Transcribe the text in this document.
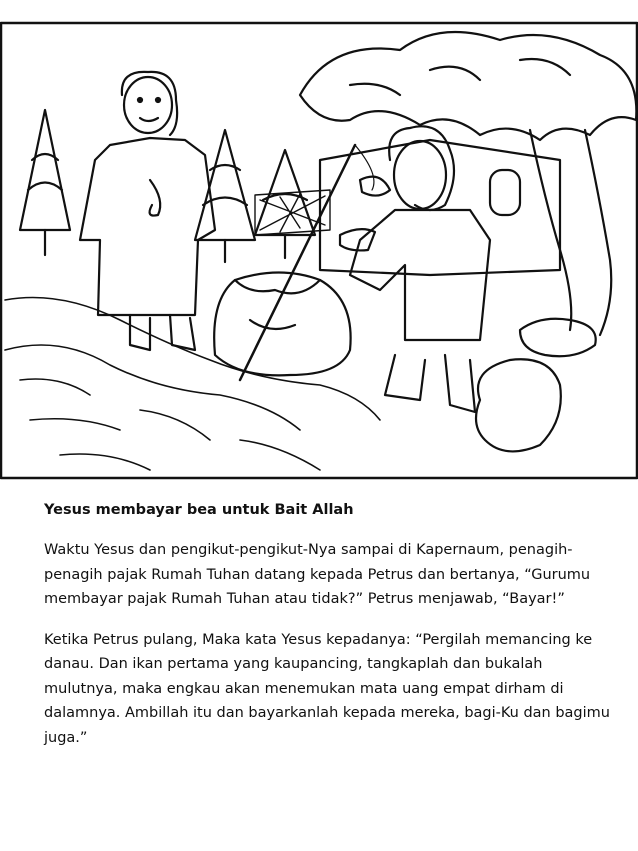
Yesus membayar bea untuk Bait Allah

Waktu Yesus dan pengikut-pengikut-Nya sampai di Kapernaum, penagih-penagih pajak Rumah Tuhan datang kepada Petrus dan bertanya, “Gurumu membayar pajak Rumah Tuhan atau tidak?” Petrus menjawab, “Bayar!”

Ketika Petrus pulang, Maka kata Yesus kepadanya: “Pergilah memancing ke danau. Dan ikan pertama yang kaupancing, tangkaplah dan bukalah mulutnya, maka engkau akan menemukan mata uang empat dirham di dalamnya. Ambillah itu dan bayarkanlah kepada mereka, bagi-Ku dan bagimu juga.”
